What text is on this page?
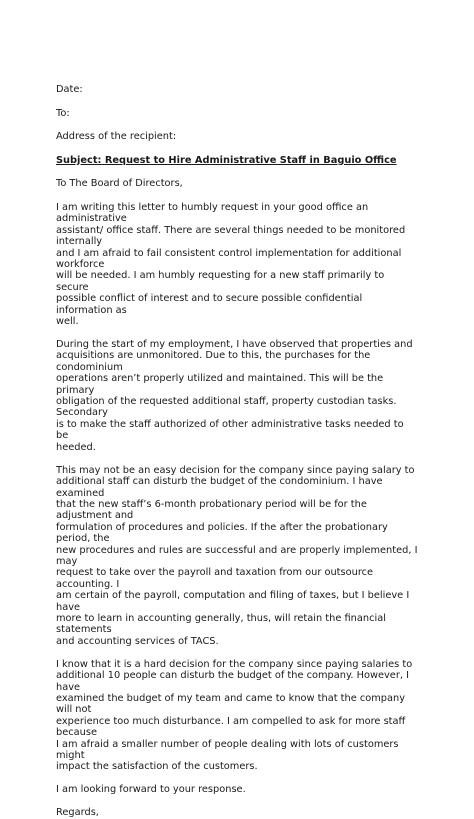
Date:

To:

Address of the recipient:

Subject: Request to Hire Administrative Staff in Baguio Office

To The Board of Directors,

I am writing this letter to humbly request in your good office an administrative
assistant/ office staff. There are several things needed to be monitored internally
and I am afraid to fail consistent control implementation for additional workforce
will be needed. I am humbly requesting for a new staff primarily to secure
possible conflict of interest and to secure possible confidential information as
well.

During the start of my employment, I have observed that properties and
acquisitions are unmonitored. Due to this, the purchases for the condominium
operations aren’t properly utilized and maintained. This will be the primary
obligation of the requested additional staff, property custodian tasks. Secondary
is to make the staff authorized of other administrative tasks needed to be
heeded.

This may not be an easy decision for the company since paying salary to
additional staff can disturb the budget of the condominium. I have examined
that the new staff’s 6-month probationary period will be for the adjustment and
formulation of procedures and policies. If the after the probationary period, the
new procedures and rules are successful and are properly implemented, I may
request to take over the payroll and taxation from our outsource accounting. I
am certain of the payroll, computation and filing of taxes, but I believe I have
more to learn in accounting generally, thus, will retain the financial statements
and accounting services of TACS.

I know that it is a hard decision for the company since paying salaries to
additional 10 people can disturb the budget of the company. However, I have
examined the budget of my team and came to know that the company will not
experience too much disturbance. I am compelled to ask for more staff because
I am afraid a smaller number of people dealing with lots of customers might
impact the satisfaction of the customers.

I am looking forward to your response.

Regards,
